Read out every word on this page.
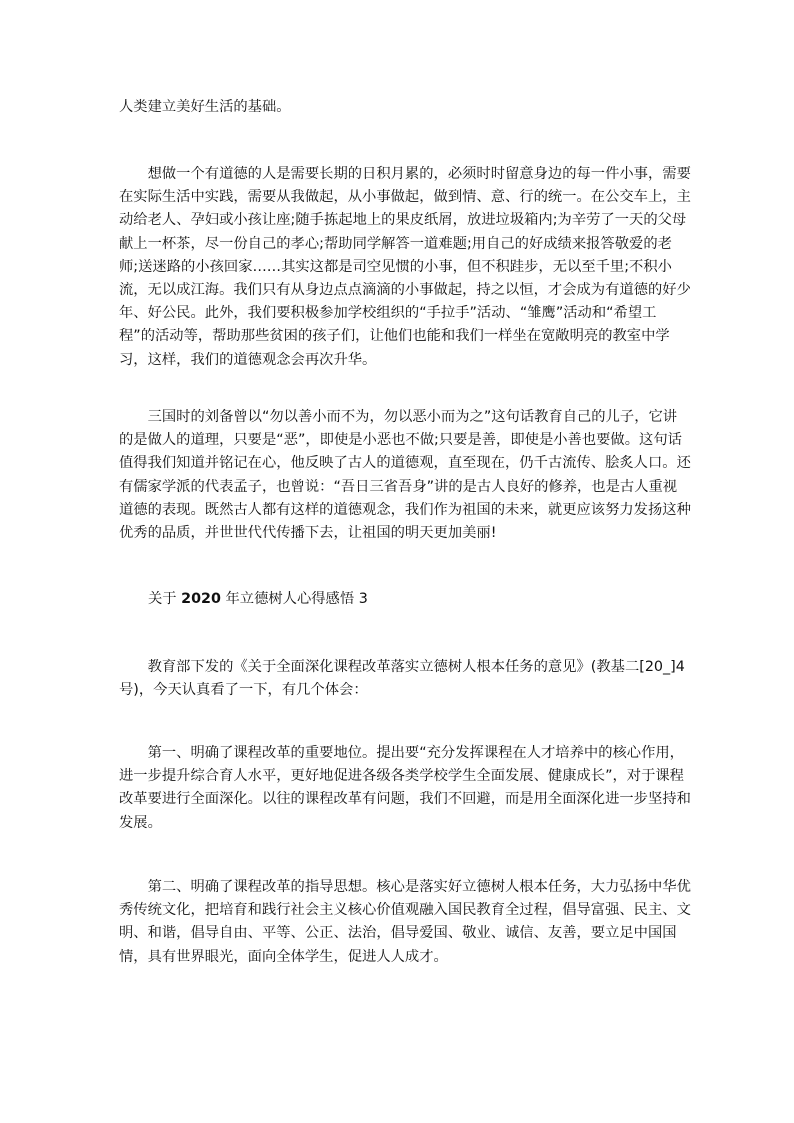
人类建立美好生活的基础。

想做一个有道德的人是需要长期的日积月累的，必须时时留意身边的每一件小事，需要在实际生活中实践，需要从我做起，从小事做起，做到情、意、行的统一。在公交车上，主动给老人、孕妇或小孩让座;随手拣起地上的果皮纸屑，放进垃圾箱内;为辛劳了一天的父母献上一杯茶，尽一份自己的孝心;帮助同学解答一道难题;用自己的好成绩来报答敬爱的老师;送迷路的小孩回家……其实这都是司空见惯的小事，但不积跬步，无以至千里;不积小流，无以成江海。我们只有从身边点点滴滴的小事做起，持之以恒，才会成为有道德的好少年、好公民。此外，我们要积极参加学校组织的“手拉手”活动、“雏鹰”活动和“希望工程”的活动等，帮助那些贫困的孩子们，让他们也能和我们一样坐在宽敞明亮的教室中学习，这样，我们的道德观念会再次升华。

三国时的刘备曾以“勿以善小而不为，勿以恶小而为之”这句话教育自己的儿子，它讲的是做人的道理，只要是“恶”，即使是小恶也不做;只要是善，即使是小善也要做。这句话值得我们知道并铭记在心，他反映了古人的道德观，直至现在，仍千古流传、脍炙人口。还有儒家学派的代表孟子，也曾说：“吾日三省吾身”讲的是古人良好的修养，也是古人重视道德的表现。既然古人都有这样的道德观念，我们作为祖国的未来，就更应该努力发扬这种优秀的品质，并世世代代传播下去，让祖国的明天更加美丽!

关于 2020 年立德树人心得感悟 3

教育部下发的《关于全面深化课程改革落实立德树人根本任务的意见》(教基二[20_]4号)，今天认真看了一下，有几个体会：

第一、明确了课程改革的重要地位。提出要“充分发挥课程在人才培养中的核心作用，进一步提升综合育人水平，更好地促进各级各类学校学生全面发展、健康成长”，对于课程改革要进行全面深化。以往的课程改革有问题，我们不回避，而是用全面深化进一步坚持和发展。

第二、明确了课程改革的指导思想。核心是落实好立德树人根本任务，大力弘扬中华优秀传统文化，把培育和践行社会主义核心价值观融入国民教育全过程，倡导富强、民主、文明、和谐，倡导自由、平等、公正、法治，倡导爱国、敬业、诚信、友善，要立足中国国情，具有世界眼光，面向全体学生，促进人人成才。
